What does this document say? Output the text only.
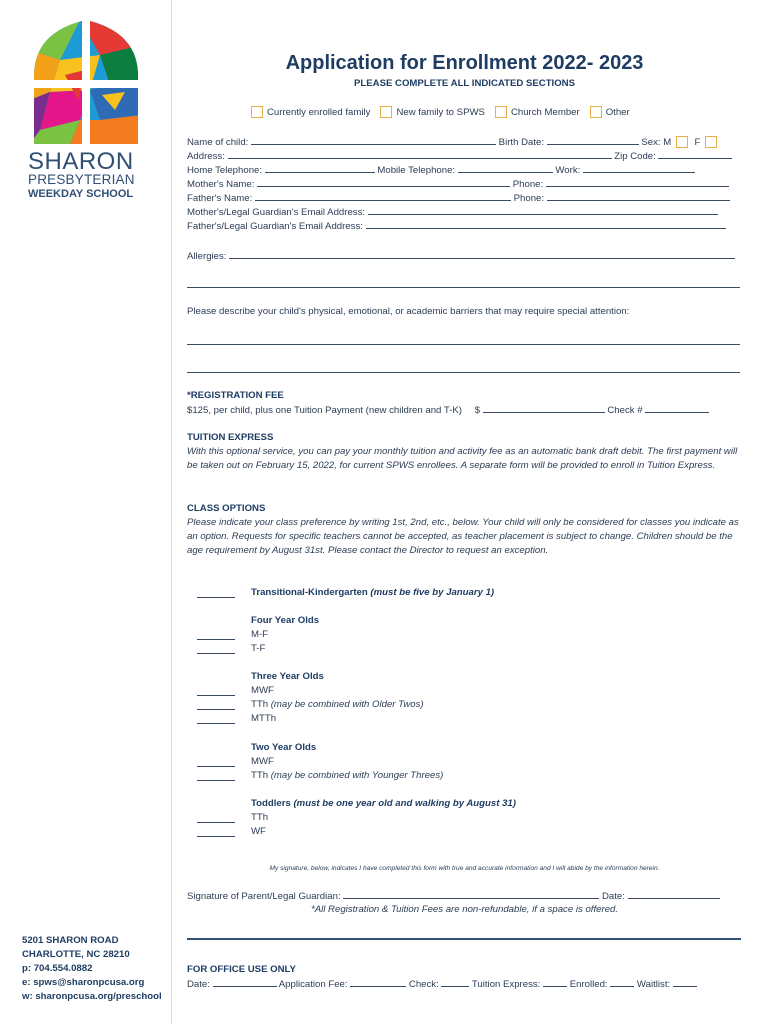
SHARON
PRESBYTERIAN
WEEKDAY SCHOOL
5201 SHARON ROAD
CHARLOTTE, NC 28210
p: 704.554.0882
e: spws@sharonpcusa.org
w: sharonpcusa.org/preschool
Application for Enrollment 2022- 2023
PLEASE COMPLETE ALL INDICATED SECTIONS
Currently enrolled family	New family to SPWS	Church Member	Other
Name of child:	Birth Date:	Sex: M F
Address:	Zip Code:
Home Telephone:	Mobile Telephone:	Work:
Mother's Name:	Phone:
Father's Name:	Phone:
Mother's/Legal Guardian's Email Address:
Father's/Legal Guardian's Email Address:
Allergies:
Please describe your child's physical, emotional, or academic barriers that may require special attention:
*REGISTRATION FEE
$125, per child, plus one Tuition Payment (new children and T-K) $	Check #
TUITION EXPRESS
With this optional service, you can pay your monthly tuition and activity fee as an automatic bank draft debit. The first payment will be taken out on February 15, 2022, for current SPWS enrollees. A separate form will be provided to enroll in Tuition Express.
CLASS OPTIONS
Please indicate your class preference by writing 1st, 2nd, etc., below. Your child will only be considered for classes you indicate as an option. Requests for specific teachers cannot be accepted, as teacher placement is subject to change. Children should be the age requirement by August 31st. Please contact the Director to request an exception.
Transitional-Kindergarten (must be five by January 1)
Four Year Olds
M-F
T-F
Three Year Olds
MWF
TTh (may be combined with Older Twos)
MTTh
Two Year Olds
MWF
TTh (may be combined with Younger Threes)
Toddlers (must be one year old and walking by August 31)
TTh
WF
My signature, below, indicates I have completed this form with true and accurate information and I will abide by the information herein.
Signature of Parent/Legal Guardian:	Date:
*All Registration & Tuition Fees are non-refundable, if a space is offered.
FOR OFFICE USE ONLY
Date:	Application Fee:	Check:	Tuition Express:	Enrolled:	Waitlist:
